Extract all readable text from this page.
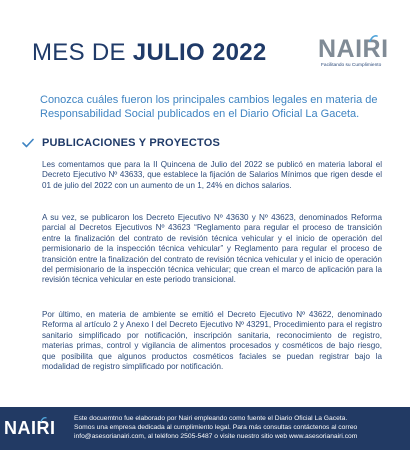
MES DE JULIO 2022 NAIRI
Facilitando su Cumplimiento

Conozca cuáles fueron los principales cambios legales en materia de Responsabilidad Social publicados en el Diario Oficial La Gaceta.

PUBLICACIONES Y PROYECTOS

Les comentamos que para la II Quincena de Julio del 2022 se publicó en materia laboral el Decreto Ejecutivo Nº 43633, que establece la fijación de Salarios Mínimos que rigen desde el 01 de julio del 2022 con un aumento de un 1, 24% en dichos salarios.

A su vez, se publicaron los Decreto Ejecutivo Nº 43630 y Nº 43623, denominados Reforma parcial al Decretos Ejecutivos Nº 43623 “Reglamento para regular el proceso de transición entre la finalización del contrato de revisión técnica vehicular y el inicio de operación del permisionario de la inspección técnica vehicular” y Reglamento para regular el proceso de transición entre la finalización del contrato de revisión técnica vehicular y el inicio de operación del permisionario de la inspección técnica vehicular; que crean el marco de aplicación para la revisión técnica vehicular en este periodo transicional.

Por último, en materia de ambiente se emitió el Decreto Ejecutivo Nº 43622, denominado Reforma al artículo 2 y Anexo I del Decreto Ejecutivo Nº 43291, Procedimiento para el registro sanitario simplificado por notificación, inscripción sanitaria, reconocimiento de registro, materias primas, control y vigilancia de alimentos procesados y cosméticos de bajo riesgo, que posibilita que algunos productos cosméticos faciales se puedan registrar bajo la modalidad de registro simplificado por notificación.

NAIRI	Este docuemtno fue elaborado por Nairi empleando como fuente el Diario Oficial La Gaceta.
Somos una empresa dedicada al cumplimiento legal. Para más consultas contáctenos al correo
info@asesorianairi.com, al teléfono 2505-5487 o visite nuestro sitio web www.asesorianairi.com
